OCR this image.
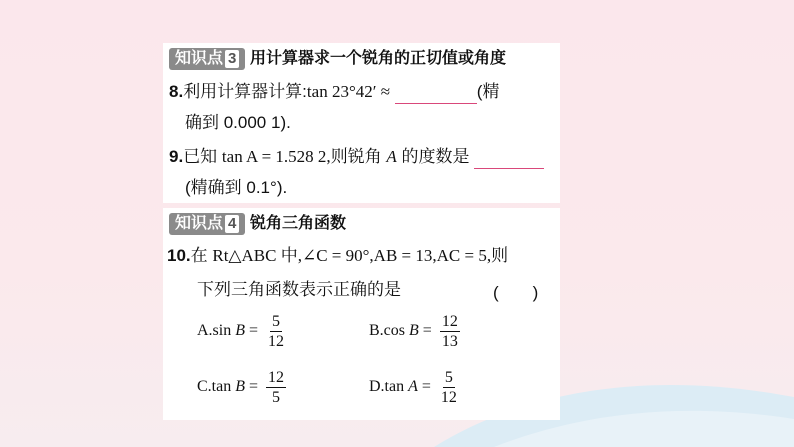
知识点 3 用计算器求一个锐角的正切值或角度
8.利用计算器计算:tan 23°42′ ≈	(精
确到 0.000 1).
9.已知 tan A = 1.528 2,则锐角 A 的度数是
(精确到 0.1°).
知识点 4 锐角三角函数
10.在 Rt△ABC 中,∠C = 90°,AB = 13,AC = 5,则
下列三角函数表示正确的是	(　　)
A.sin $B = \frac{5}{12}$	B.cos $B = \frac{12}{13}$
C.tan $B = \frac{12}{5}$	D.tan $A = \frac{5}{12}$
